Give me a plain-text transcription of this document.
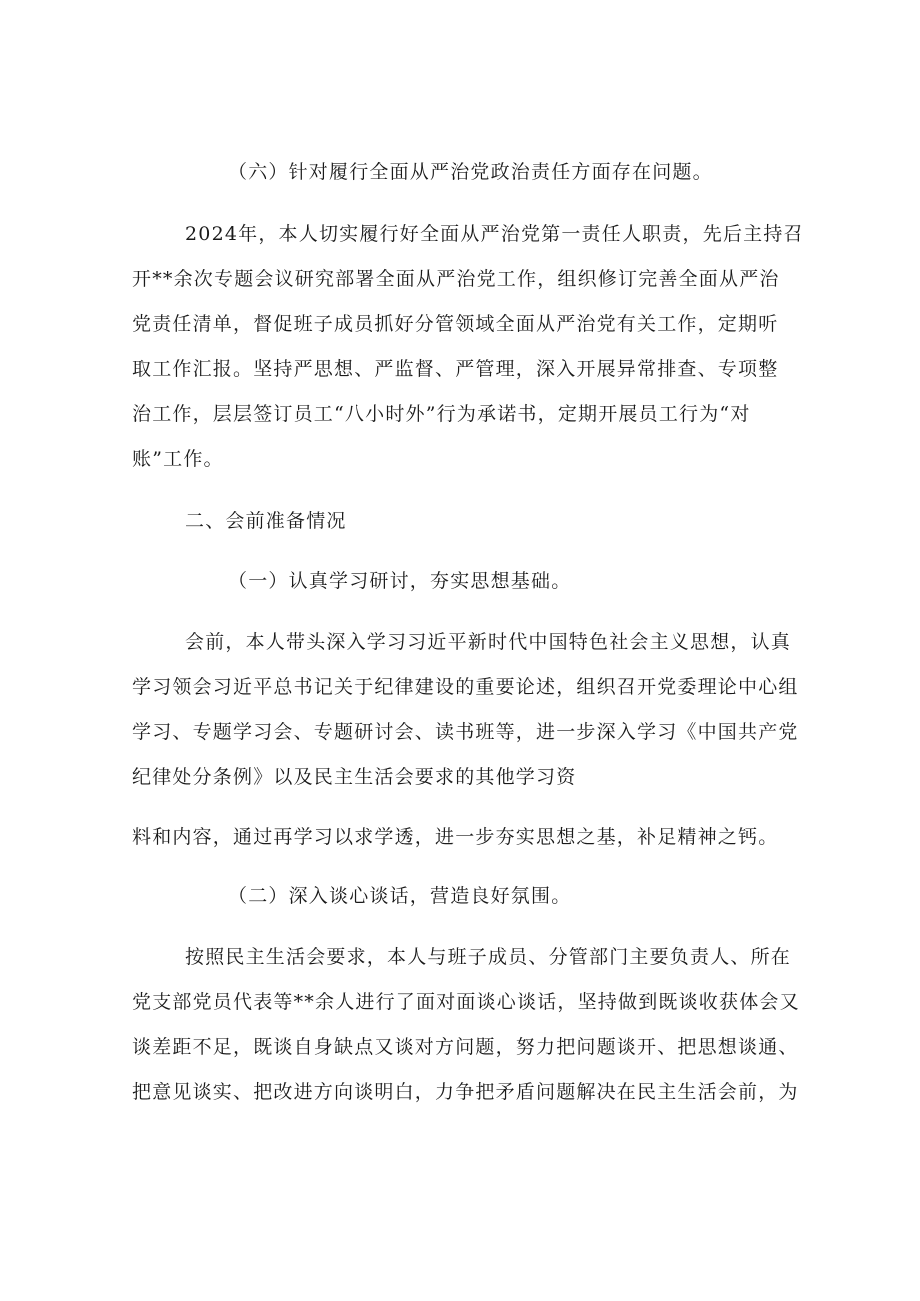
（六）针对履行全面从严治党政治责任方面存在问题。
2024年，本人切实履行好全面从严治党第一责任人职责，先后主持召
开**余次专题会议研究部署全面从严治党工作，组织修订完善全面从严治
党责任清单，督促班子成员抓好分管领域全面从严治党有关工作，定期听
取工作汇报。坚持严思想、严监督、严管理，深入开展异常排查、专项整
治工作，层层签订员工“八小时外”行为承诺书，定期开展员工行为“对
账”工作。
二、会前准备情况
（一）认真学习研讨，夯实思想基础。
会前，本人带头深入学习习近平新时代中国特色社会主义思想，认真
学习领会习近平总书记关于纪律建设的重要论述，组织召开党委理论中心组
学习、专题学习会、专题研讨会、读书班等，进一步深入学习《中国共产党
纪律处分条例》以及民主生活会要求的其他学习资
料和内容，通过再学习以求学透，进一步夯实思想之基，补足精神之钙。
（二）深入谈心谈话，营造良好氛围。
按照民主生活会要求，本人与班子成员、分管部门主要负责人、所在
党支部党员代表等**余人进行了面对面谈心谈话，坚持做到既谈收获体会又
谈差距不足，既谈自身缺点又谈对方问题，努力把问题谈开、把思想谈通、
把意见谈实、把改进方向谈明白，力争把矛盾问题解决在民主生活会前，为
